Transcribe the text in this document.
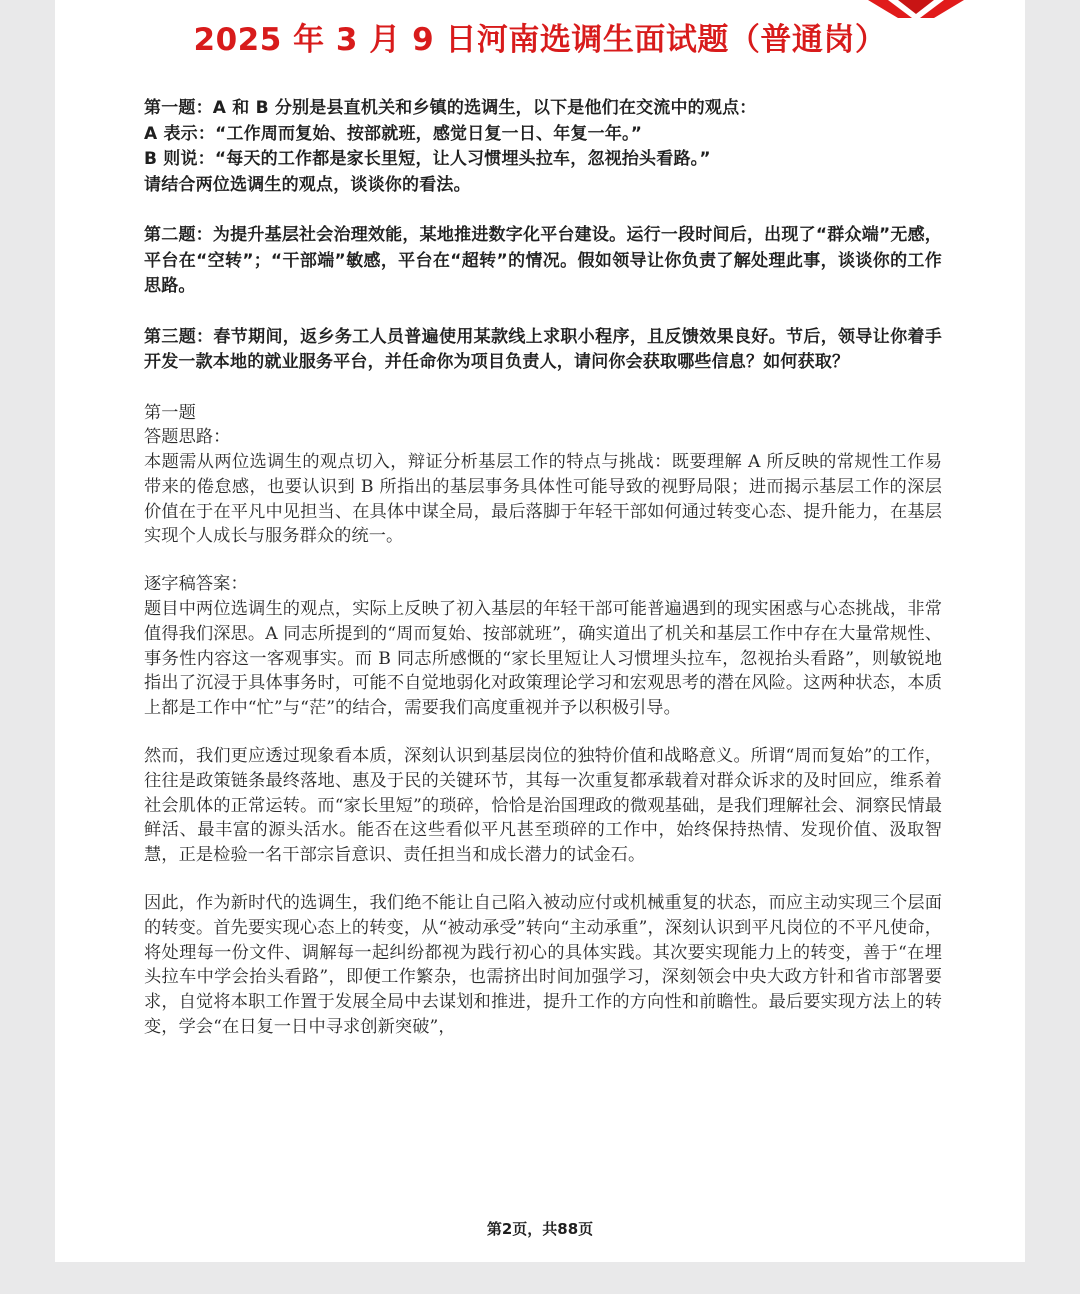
2025 年 3 月 9 日河南选调生面试题（普通岗）

第一题：A 和 B 分别是县直机关和乡镇的选调生，以下是他们在交流中的观点：

A 表示：“工作周而复始、按部就班，感觉日复一日、年复一年。”

B 则说：“每天的工作都是家长里短，让人习惯埋头拉车，忽视抬头看路。”

请结合两位选调生的观点，谈谈你的看法。

第二题：为提升基层社会治理效能，某地推进数字化平台建设。运行一段时间后，出现了“群众端”无感，平台在“空转”；“干部端”敏感，平台在“超转”的情况。假如领导让你负责了解处理此事，谈谈你的工作思路。

第三题：春节期间，返乡务工人员普遍使用某款线上求职小程序，且反馈效果良好。节后，领导让你着手开发一款本地的就业服务平台，并任命你为项目负责人，请问你会获取哪些信息？如何获取？

第一题

答题思路：

本题需从两位选调生的观点切入，辩证分析基层工作的特点与挑战：既要理解 A 所反映的常规性工作易带来的倦怠感，也要认识到 B 所指出的基层事务具体性可能导致的视野局限；进而揭示基层工作的深层价值在于在平凡中见担当、在具体中谋全局，最后落脚于年轻干部如何通过转变心态、提升能力，在基层实现个人成长与服务群众的统一。

逐字稿答案：

题目中两位选调生的观点，实际上反映了初入基层的年轻干部可能普遍遇到的现实困惑与心态挑战，非常值得我们深思。A 同志所提到的“周而复始、按部就班”，确实道出了机关和基层工作中存在大量常规性、事务性内容这一客观事实。而 B 同志所感慨的“家长里短让人习惯埋头拉车，忽视抬头看路”，则敏锐地指出了沉浸于具体事务时，可能不自觉地弱化对政策理论学习和宏观思考的潜在风险。这两种状态，本质上都是工作中“忙”与“茫”的结合，需要我们高度重视并予以积极引导。

然而，我们更应透过现象看本质，深刻认识到基层岗位的独特价值和战略意义。所谓“周而复始”的工作，往往是政策链条最终落地、惠及于民的关键环节，其每一次重复都承载着对群众诉求的及时回应，维系着社会肌体的正常运转。而“家长里短”的琐碎，恰恰是治国理政的微观基础，是我们理解社会、洞察民情最鲜活、最丰富的源头活水。能否在这些看似平凡甚至琐碎的工作中，始终保持热情、发现价值、汲取智慧，正是检验一名干部宗旨意识、责任担当和成长潜力的试金石。

因此，作为新时代的选调生，我们绝不能让自己陷入被动应付或机械重复的状态，而应主动实现三个层面的转变。首先要实现心态上的转变，从“被动承受”转向“主动承重”，深刻认识到平凡岗位的不平凡使命，将处理每一份文件、调解每一起纠纷都视为践行初心的具体实践。其次要实现能力上的转变，善于“在埋头拉车中学会抬头看路”，即便工作繁杂，也需挤出时间加强学习，深刻领会中央大政方针和省市部署要求，自觉将本职工作置于发展全局中去谋划和推进，提升工作的方向性和前瞻性。最后要实现方法上的转变，学会“在日复一日中寻求创新突破”，

第2页，共88页
